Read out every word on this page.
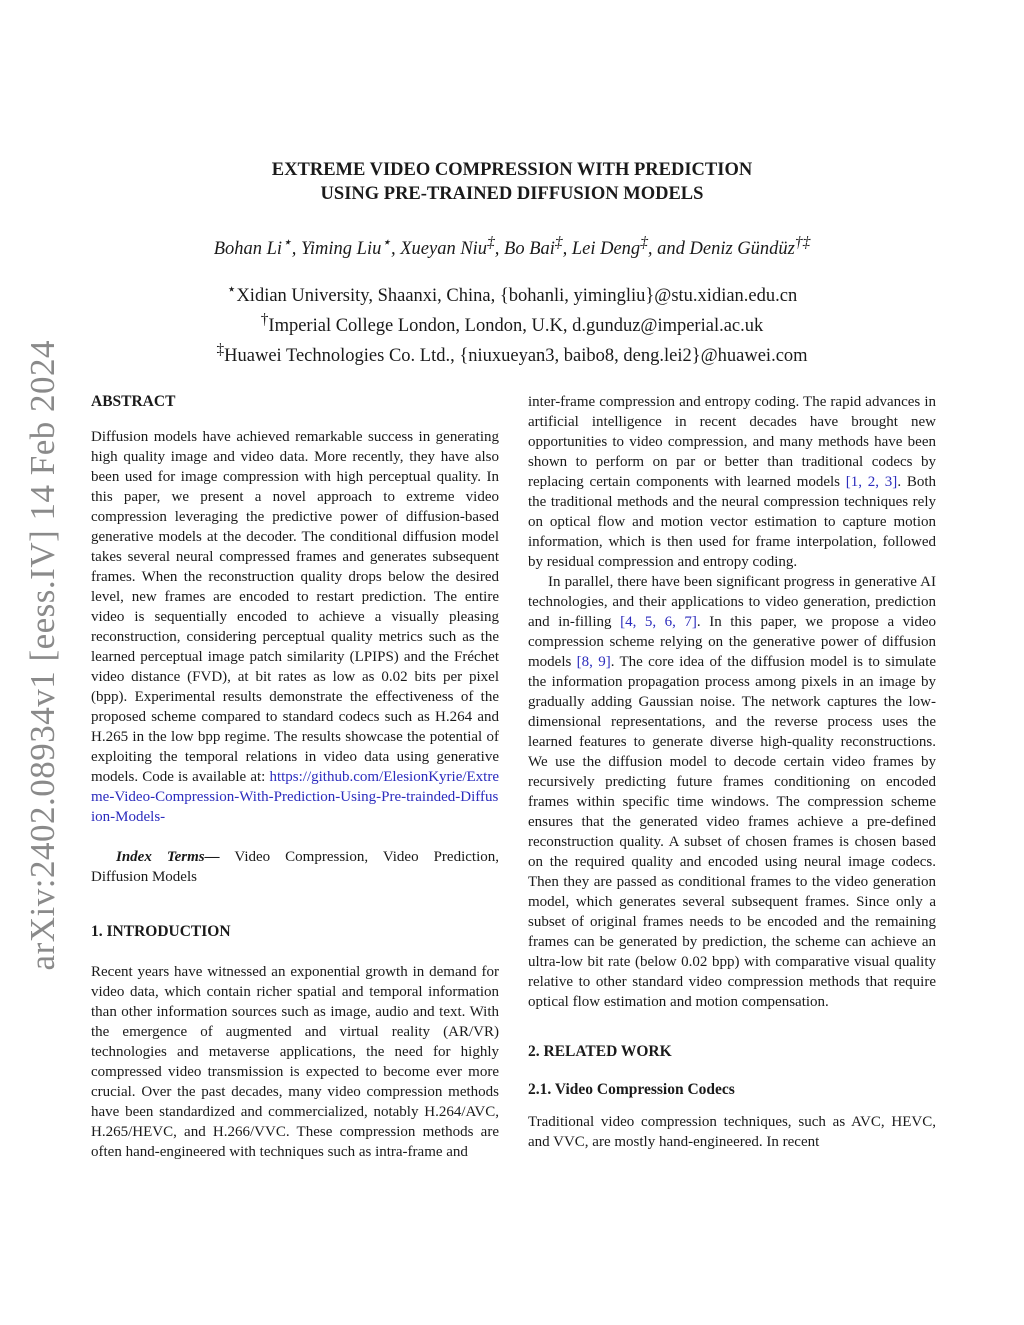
arXiv:2402.08934v1 [eess.IV] 14 Feb 2024
EXTREME VIDEO COMPRESSION WITH PREDICTION
USING PRE-TRAINED DIFFUSION MODELS
Bohan Li⋆, Yiming Liu⋆, Xueyan Niu‡, Bo Bai‡, Lei Deng‡, and Deniz Gündüz†‡
⋆Xidian University, Shaanxi, China, {bohanli, yimingliu}@stu.xidian.edu.cn
†Imperial College London, London, U.K, d.gunduz@imperial.ac.uk
‡Huawei Technologies Co. Ltd., {niuxueyan3, baibo8, deng.lei2}@huawei.com

ABSTRACT

Diffusion models have achieved remarkable success in generating high quality image and video data. More recently, they have also been used for image compression with high perceptual quality. In this paper, we present a novel approach to extreme video compression leveraging the predictive power of diffusion-based generative models at the decoder. The conditional diffusion model takes several neural compressed frames and generates subsequent frames. When the reconstruction quality drops below the desired level, new frames are encoded to restart prediction. The entire video is sequentially encoded to achieve a visually pleasing reconstruction, considering perceptual quality metrics such as the learned perceptual image patch similarity (LPIPS) and the Fréchet video distance (FVD), at bit rates as low as 0.02 bits per pixel (bpp). Experimental results demonstrate the effectiveness of the proposed scheme compared to standard codecs such as H.264 and H.265 in the low bpp regime. The results showcase the potential of exploiting the temporal relations in video data using generative models. Code is available at: https://github.com/ElesionKyrie/Extreme-Video-Compression-With-Prediction-Using-Pre-trainded-Diffusion-Models-

Index Terms— Video Compression, Video Prediction, Diffusion Models

1. INTRODUCTION

Recent years have witnessed an exponential growth in demand for video data, which contain richer spatial and temporal information than other information sources such as image, audio and text. With the emergence of augmented and virtual reality (AR/VR) technologies and metaverse applications, the need for highly compressed video transmission is expected to become ever more crucial. Over the past decades, many video compression methods have been standardized and commercialized, notably H.264/AVC, H.265/HEVC, and H.266/VVC. These compression methods are often hand-engineered with techniques such as intra-frame and

inter-frame compression and entropy coding. The rapid advances in artificial intelligence in recent decades have brought new opportunities to video compression, and many methods have been shown to perform on par or better than traditional codecs by replacing certain components with learned models [1, 2, 3]. Both the traditional methods and the neural compression techniques rely on optical flow and motion vector estimation to capture motion information, which is then used for frame interpolation, followed by residual compression and entropy coding.

In parallel, there have been significant progress in generative AI technologies, and their applications to video generation, prediction and in-filling [4, 5, 6, 7]. In this paper, we propose a video compression scheme relying on the generative power of diffusion models [8, 9]. The core idea of the diffusion model is to simulate the information propagation process among pixels in an image by gradually adding Gaussian noise. The network captures the low-dimensional representations, and the reverse process uses the learned features to generate diverse high-quality reconstructions. We use the diffusion model to decode certain video frames by recursively predicting future frames conditioning on encoded frames within specific time windows. The compression scheme ensures that the generated video frames achieve a pre-defined reconstruction quality. A subset of chosen frames is chosen based on the required quality and encoded using neural image codecs. Then they are passed as conditional frames to the video generation model, which generates several subsequent frames. Since only a subset of original frames needs to be encoded and the remaining frames can be generated by prediction, the scheme can achieve an ultra-low bit rate (below 0.02 bpp) with comparative visual quality relative to other standard video compression methods that require optical flow estimation and motion compensation.

2. RELATED WORK

2.1. Video Compression Codecs

Traditional video compression techniques, such as AVC, HEVC, and VVC, are mostly hand-engineered. In recent
